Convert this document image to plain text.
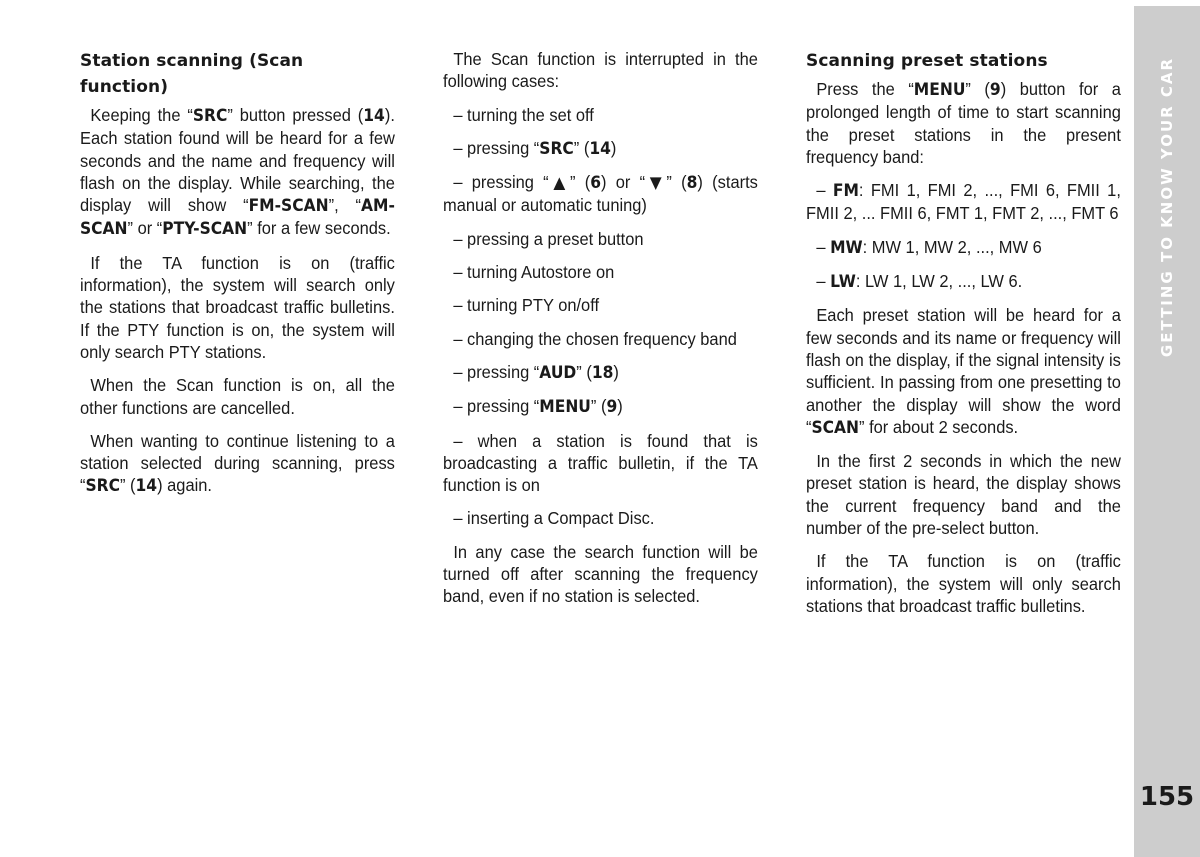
Station scanning (Scan function)

Keeping the “SRC” button pressed (14). Each station found will be heard for a few seconds and the name and frequency will flash on the display. While searching, the display will show “FM-SCAN”, “AM-SCAN” or “PTY-SCAN” for a few seconds.

If the TA function is on (traffic information), the system will search only the stations that broadcast traffic bulletins. If the PTY function is on, the system will only search PTY stations.

When the Scan function is on, all the other functions are cancelled.

When wanting to continue listening to a station selected during scanning, press “SRC” (14) again.

The Scan function is interrupted in the following cases:

– turning the set off

– pressing “SRC” (14)

– pressing “▲” (6) or “▼” (8) (starts manual or automatic tuning)

– pressing a preset button

– turning Autostore on

– turning PTY on/off

– changing the chosen frequency band

– pressing “AUD” (18)

– pressing “MENU” (9)

– when a station is found that is broadcasting a traffic bulletin, if the TA function is on

– inserting a Compact Disc.

In any case the search function will be turned off after scanning the frequency band, even if no station is selected.

Scanning preset stations

Press the “MENU” (9) button for a prolonged length of time to start scanning the preset stations in the present frequency band:

– FM: FMI 1, FMI 2, ..., FMI 6, FMII 1, FMII 2, ... FMII 6, FMT 1, FMT 2, ..., FMT 6

– MW: MW 1, MW 2, ..., MW 6

– LW: LW 1, LW 2, ..., LW 6.

Each preset station will be heard for a few seconds and its name or frequency will flash on the display, if the signal intensity is sufficient. In passing from one presetting to another the display will show the word “SCAN” for about 2 seconds.

In the first 2 seconds in which the new preset station is heard, the display shows the current frequency band and the number of the pre-select button.

If the TA function is on (traffic information), the system will only search stations that broadcast traffic bulletins.

GETTING TO KNOW YOUR CAR
155
